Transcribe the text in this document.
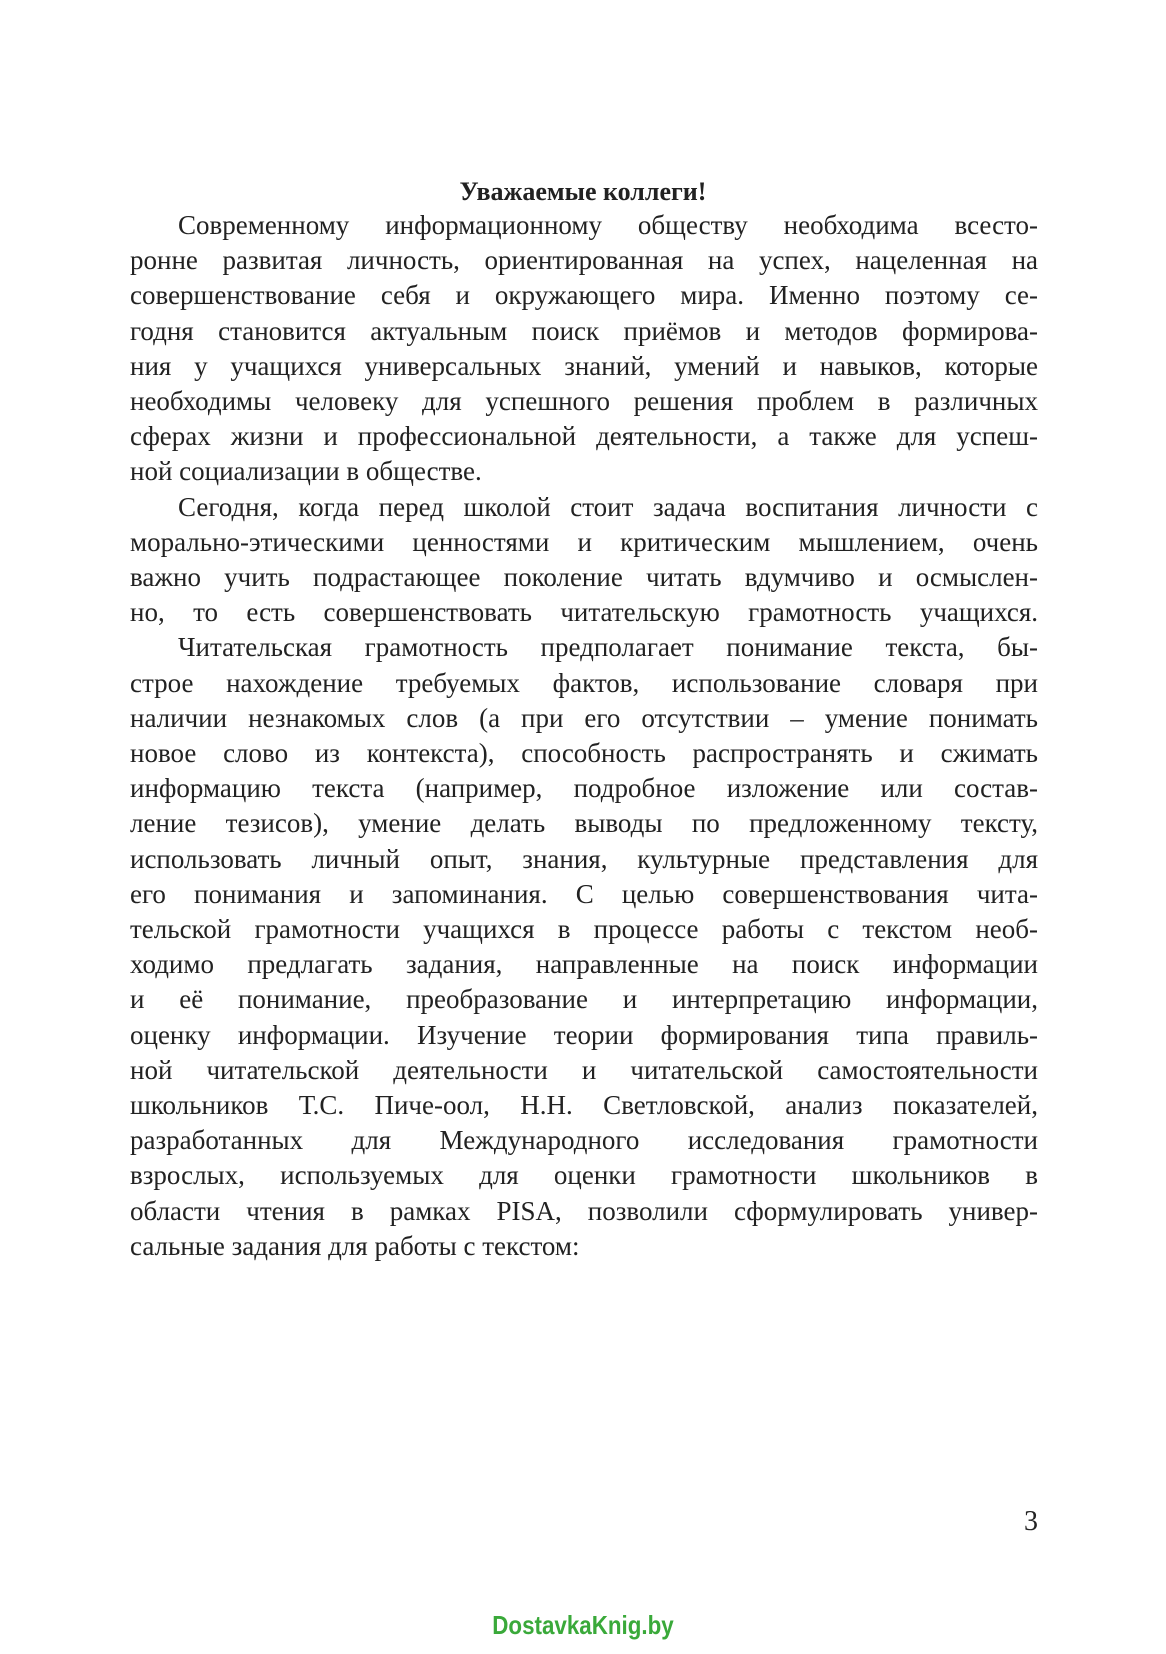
Уважаемые коллеги!
Современному информационному обществу необходима всесто-
ронне развитая личность, ориентированная на успех, нацеленная на
совершенствование себя и окружающего мира. Именно поэтому се-
годня становится актуальным поиск приёмов и методов формирова-
ния у учащихся универсальных знаний, умений и навыков, которые
необходимы человеку для успешного решения проблем в различных
сферах жизни и профессиональной деятельности, а также для успеш-
ной социализации в обществе.
Сегодня, когда перед школой стоит задача воспитания личности с
морально-этическими ценностями и критическим мышлением, очень
важно учить подрастающее поколение читать вдумчиво и осмыслен-
но, то есть совершенствовать читательскую грамотность учащихся.
Читательская грамотность предполагает понимание текста, бы-
строе нахождение требуемых фактов, использование словаря при
наличии незнакомых слов (а при его отсутствии – умение понимать
новое слово из контекста), способность распространять и сжимать
информацию текста (например, подробное изложение или состав-
ление тезисов), умение делать выводы по предложенному тексту,
использовать личный опыт, знания, культурные представления для
его понимания и запоминания. С целью совершенствования чита-
тельской грамотности учащихся в процессе работы с текстом необ-
ходимо предлагать задания, направленные на поиск информации
и её понимание, преобразование и интерпретацию информации,
оценку информации. Изучение теории формирования типа правиль-
ной читательской деятельности и читательской самостоятельности
школьников Т.С. Пиче-оол, Н.Н. Светловской, анализ показателей,
разработанных для Международного исследования грамотности
взрослых, используемых для оценки грамотности школьников в
области чтения в рамках PISA, позволили сформулировать универ-
сальные задания для работы с текстом:
3
DostavkaKnig.by
